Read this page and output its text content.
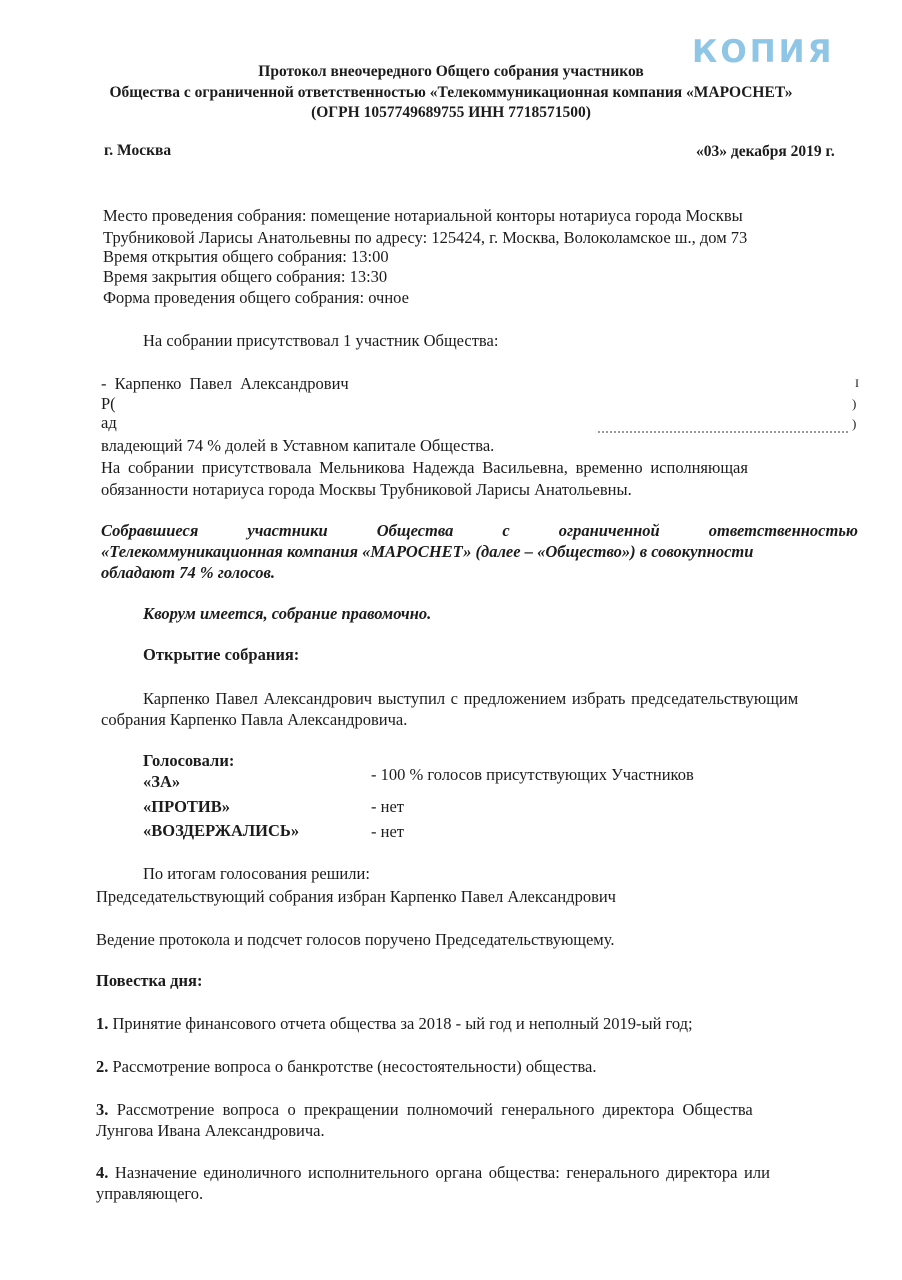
КОПИЯ
Протокол внеочередного Общего собрания участников
Общества с ограниченной ответственностью «Телекоммуникационная компания «МАРОСНЕТ»
(ОГРН 1057749689755 ИНН 7718571500)
г. Москва	«03» декабря 2019 г.
Место проведения собрания: помещение нотариальной конторы нотариуса города Москвы
Трубниковой Ларисы Анатольевны по адресу: 125424, г. Москва, Волоколамское ш., дом 73
Время открытия общего собрания: 13:00
Время закрытия общего собрания: 13:30
Форма проведения общего собрания: очное
На собрании присутствовал 1 участник Общества:
- Карпенко Павел Александрович
Р(
ад
I
)
)
владеющий 74 % долей в Уставном капитале Общества.
На собрании присутствовала Мельникова Надежда Васильевна, временно исполняющая
обязанности нотариуса города Москвы Трубниковой Ларисы Анатольевны.
Собравшиеся	участники	Общества	с	ограниченной	ответственностью
«Телекоммуникационная компания «МАРОСНЕТ» (далее – «Общество») в совокупности
обладают 74 % голосов.
Кворум имеется, собрание правомочно.
Открытие собрания:
Карпенко Павел Александрович выступил с предложением избрать председательствующим
собрания Карпенко Павла Александровича.
Голосовали:
«ЗА»	- 100 % голосов присутствующих Участников
«ПРОТИВ»	- нет
«ВОЗДЕРЖАЛИСЬ»	- нет
По итогам голосования решили:
Председательствующий собрания избран Карпенко Павел Александрович
Ведение протокола и подсчет голосов поручено Председательствующему.
Повестка дня:
1. Принятие финансового отчета общества за 2018 - ый год и неполный 2019-ый год;
2. Рассмотрение вопроса о банкротстве (несостоятельности) общества.
3. Рассмотрение вопроса о прекращении полномочий генерального директора Общества
Лунгова Ивана Александровича.
4. Назначение единоличного исполнительного органа общества: генерального директора или
управляющего.
